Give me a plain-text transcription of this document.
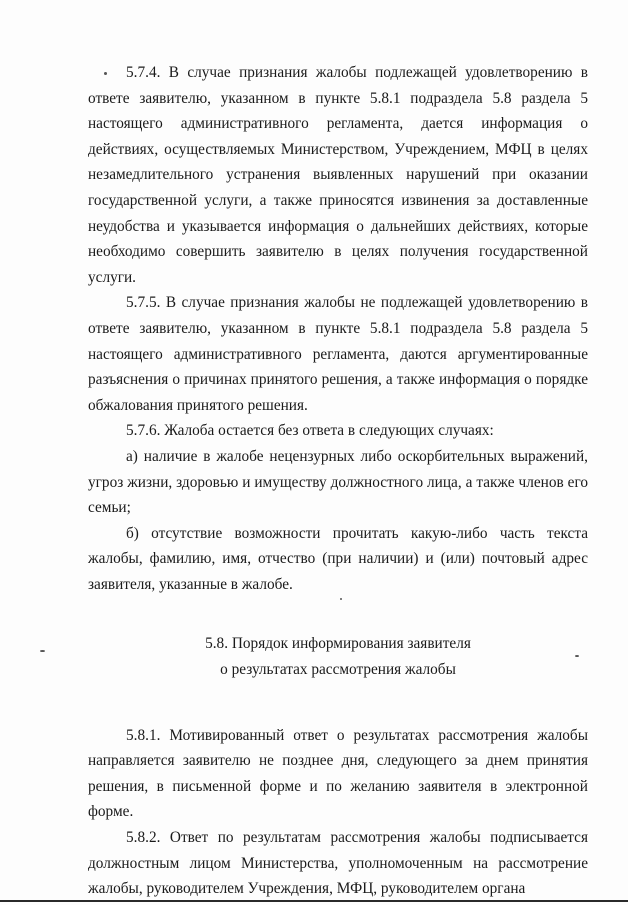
5.7.4. В случае признания жалобы подлежащей удовлетворению в ответе заявителю, указанном в пункте 5.8.1 подраздела 5.8 раздела 5 настоящего административного регламента, дается информация о действиях, осуществляемых Министерством, Учреждением, МФЦ в целях незамедлительного устранения выявленных нарушений при оказании государственной услуги, а также приносятся извинения за доставленные неудобства и указывается информация о дальнейших действиях, которые необходимо совершить заявителю в целях получения государственной услуги.

5.7.5. В случае признания жалобы не подлежащей удовлетворению в ответе заявителю, указанном в пункте 5.8.1 подраздела 5.8 раздела 5 настоящего административного регламента, даются аргументированные разъяснения о причинах принятого решения, а также информация о порядке обжалования принятого решения.

5.7.6. Жалоба остается без ответа в следующих случаях:

а) наличие в жалобе нецензурных либо оскорбительных выражений, угроз жизни, здоровью и имуществу должностного лица, а также членов его семьи;

б) отсутствие возможности прочитать какую-либо часть текста жалобы, фамилию, имя, отчество (при наличии) и (или) почтовый адрес заявителя, указанные в жалобе.

5.8. Порядок информирования заявителя

о результатах рассмотрения жалобы

5.8.1. Мотивированный ответ о результатах рассмотрения жалобы направляется заявителю не позднее дня, следующего за днем принятия решения, в письменной форме и по желанию заявителя в электронной форме.

5.8.2. Ответ по результатам рассмотрения жалобы подписывается должностным лицом Министерства, уполномоченным на рассмотрение жалобы, руководителем Учреждения, МФЦ, руководителем органа
